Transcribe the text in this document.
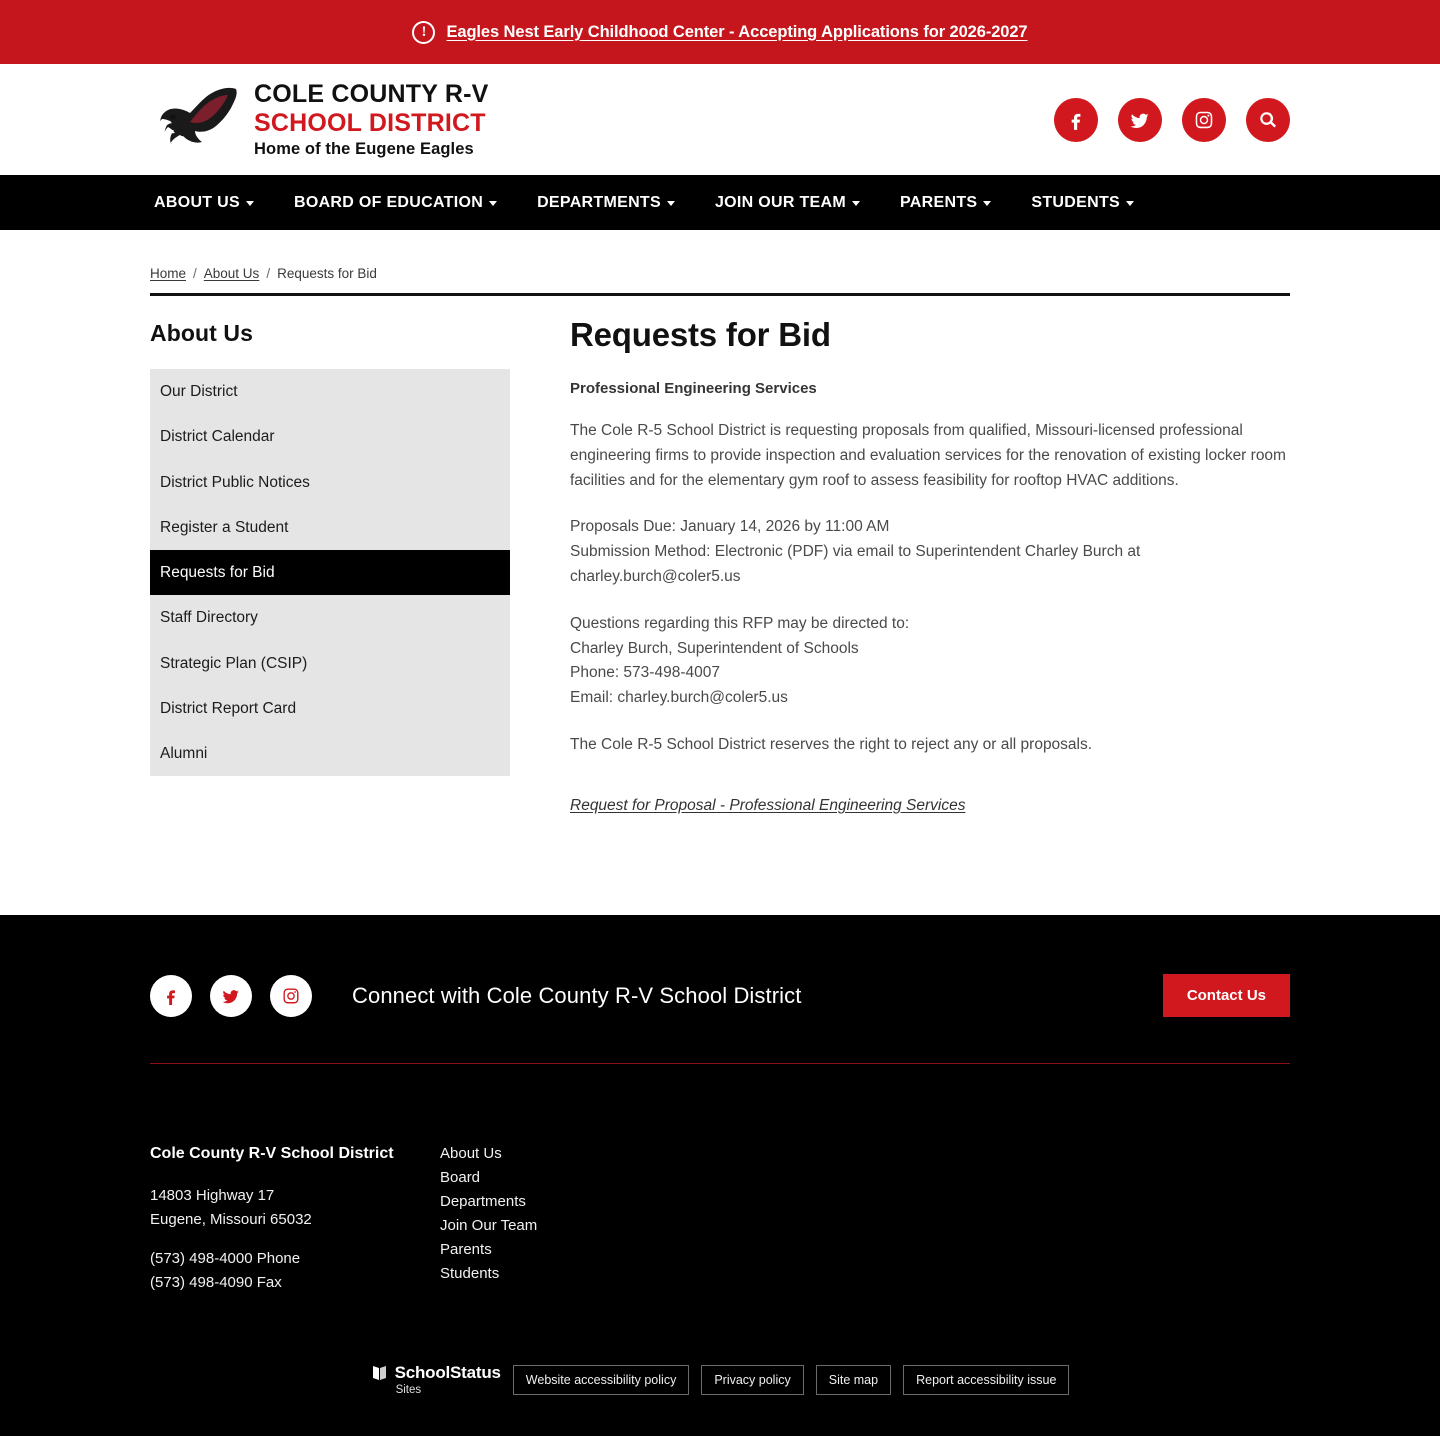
!	Eagles Nest Early Childhood Center - Accepting Applications for 2026-2027
COLE COUNTY R-V
SCHOOL DISTRICT
Home of the Eugene Eagles
ABOUT US	BOARD OF EDUCATION	DEPARTMENTS	JOIN OUR TEAM	PARENTS	STUDENTS
Home / About Us / Requests for Bid
About Us
Our District
District Calendar
District Public Notices
Register a Student
Requests for Bid
Staff Directory
Strategic Plan (CSIP)
District Report Card
Alumni
Requests for Bid
Professional Engineering Services

The Cole R-5 School District is requesting proposals from qualified, Missouri-licensed professional engineering firms to provide inspection and evaluation services for the renovation of existing locker room facilities and for the elementary gym roof to assess feasibility for rooftop HVAC additions.

Proposals Due: January 14, 2026 by 11:00 AM
Submission Method: Electronic (PDF) via email to Superintendent Charley Burch at charley.burch@coler5.us

Questions regarding this RFP may be directed to:
Charley Burch, Superintendent of Schools
Phone: 573-498-4007
Email: charley.burch@coler5.us

The Cole R-5 School District reserves the right to reject any or all proposals.

Request for Proposal - Professional Engineering Services
Connect with Cole County R-V School District	Contact Us
Cole County R-V School District
14803 Highway 17
Eugene, Missouri 65032
(573) 498-4000 Phone
(573) 498-4090 Fax
About Us
Board
Departments
Join Our Team
Parents
Students
SchoolStatus
Sites
Website accessibility policy	Privacy policy	Site map	Report accessibility issue
